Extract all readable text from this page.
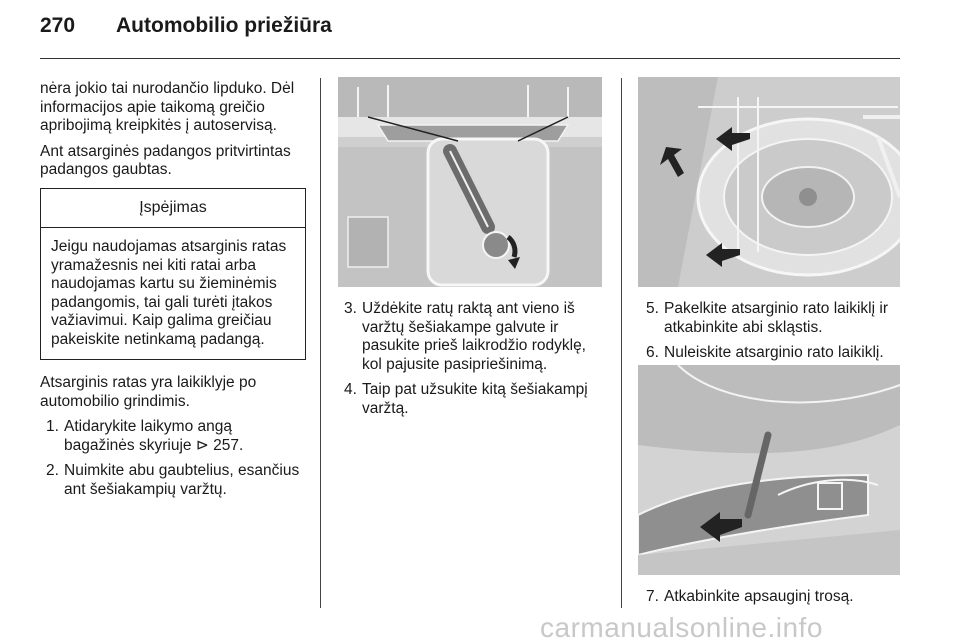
270 Automobilio priežiūra

nėra jokio tai nurodančio lipduko. Dėl informacijos apie taikomą greičio apribojimą kreipkitės į autoservisą.

Ant atsarginės padangos pritvirtintas padangos gaubtas.

Įspėjimas
Jeigu naudojamas atsarginis ratas yramažesnis nei kiti ratai arba naudojamas kartu su žieminėmis padangomis, tai gali turėti įtakos važiavimui. Kaip galima greičiau pakeiskite netinkamą padangą.

Atsarginis ratas yra laikiklyje po automobilio grindimis.

1. Atidarykite laikymo angą bagažinės skyriuje ⊳ 257.
2. Nuimkite abu gaubtelius, esančius ant šešiakampių varžtų.
3. Uždėkite ratų raktą ant vieno iš varžtų šešiakampe galvute ir pasukite prieš laikrodžio rodyklę, kol pajusite pasipriešinimą.
4. Taip pat užsukite kitą šešiakampį varžtą.
5. Pakelkite atsarginio rato laikiklį ir atkabinkite abi skląstis.
6. Nuleiskite atsarginio rato laikiklį.
7. Atkabinkite apsauginį trosą.
carmanualsonline.info
